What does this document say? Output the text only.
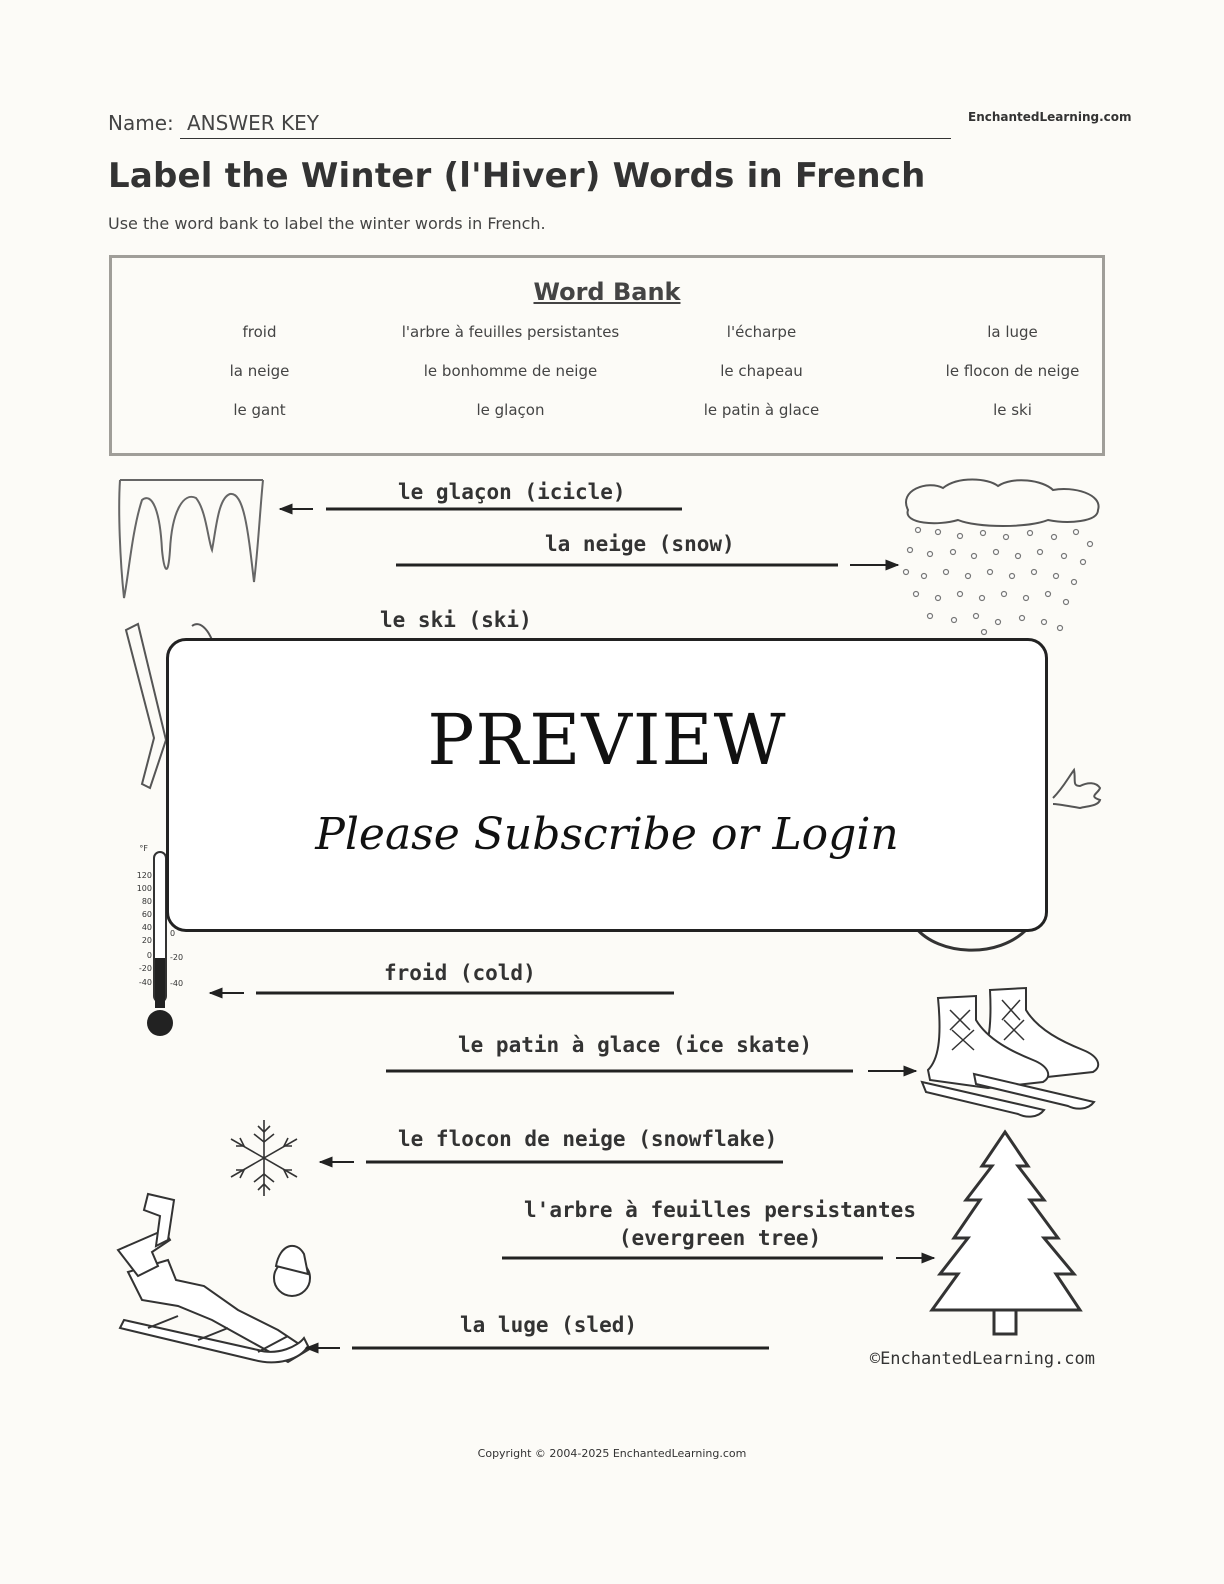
Name: ANSWER KEY	EnchantedLearning.com
Label the Winter (l'Hiver) Words in French
Use the word bank to label the winter words in French.
Word Bank
froid	l'arbre à feuilles persistantes	l'écharpe	la luge
la neige	le bonhomme de neige	le chapeau	le flocon de neige
le gant	le glaçon	le patin à glace	le ski
°F
120
100
80
60
40
20
0
-20
-40
0
-20
-40
le glaçon (icicle)
la neige (snow)
le ski (ski)
froid (cold)
le patin à glace (ice skate)
le flocon de neige (snowflake)
l'arbre à feuilles persistantes
(evergreen tree)
la luge (sled)
©EnchantedLearning.com
PREVIEW
Please Subscribe or Login
Copyright © 2004-2025 EnchantedLearning.com
